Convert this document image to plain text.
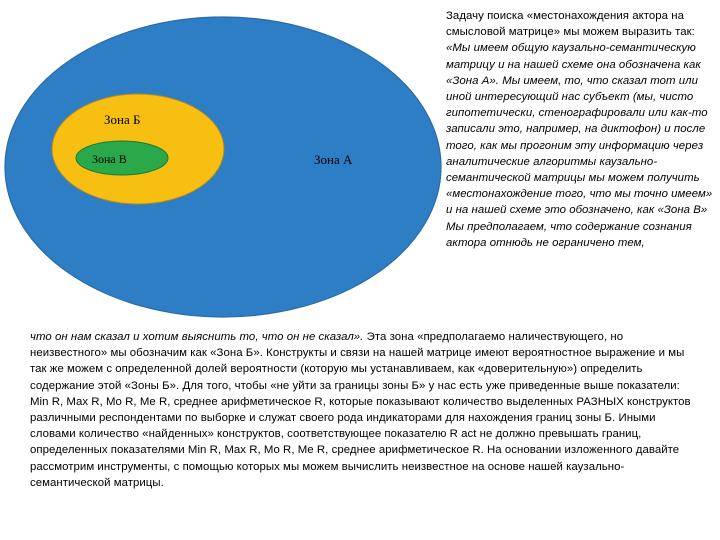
Зона А
Зона Б
Зона В

Задачу поиска «местонахождения актора на смысловой матрице» мы можем выразить так: «Мы имеем общую каузально-семантическую матрицу и на нашей схеме она обозначена как «Зона А». Мы имеем, то, что сказал тот или иной интересующий нас субъект (мы, чисто гипотетически, стенографировали или как-то записали это, например, на диктофон) и после того, как мы прогоним эту информацию через аналитические алгоритмы каузально-семантической матрицы мы можем получить «местонахождение того, что мы точно имеем» и на нашей схеме это обозначено, как «Зона В» Мы предполагаем, что содержание сознания актора отнюдь не ограничено тем,

что он нам сказал и хотим выяснить то, что он не сказал». Эта зона «предполагаемо наличествующего, но неизвестного» мы обозначим как «Зона Б». Конструкты и связи на нашей матрице имеют вероятностное выражение и мы так же можем с определенной долей вероятности (которую мы устанавливаем, как «доверительную») определить содержание этой «Зоны Б». Для того, чтобы «не уйти за границы зоны Б» у нас есть уже приведенные выше показатели: Min R, Max R, Mo R, Me R, среднее арифметическое R, которые показывают количество выделенных РАЗНЫХ конструктов различными респондентами по выборке и служат своего рода индикаторами для нахождения границ зоны Б. Иными словами количество «найденных» конструктов, соответствующее показателю R act не должно превышать границ, определенных показателями Min R, Max R, Mo R, Me R, среднее арифметическое R. На основании изложенного давайте рассмотрим инструменты, с помощью которых мы можем вычислить неизвестное на основе нашей каузально-семантической матрицы.
